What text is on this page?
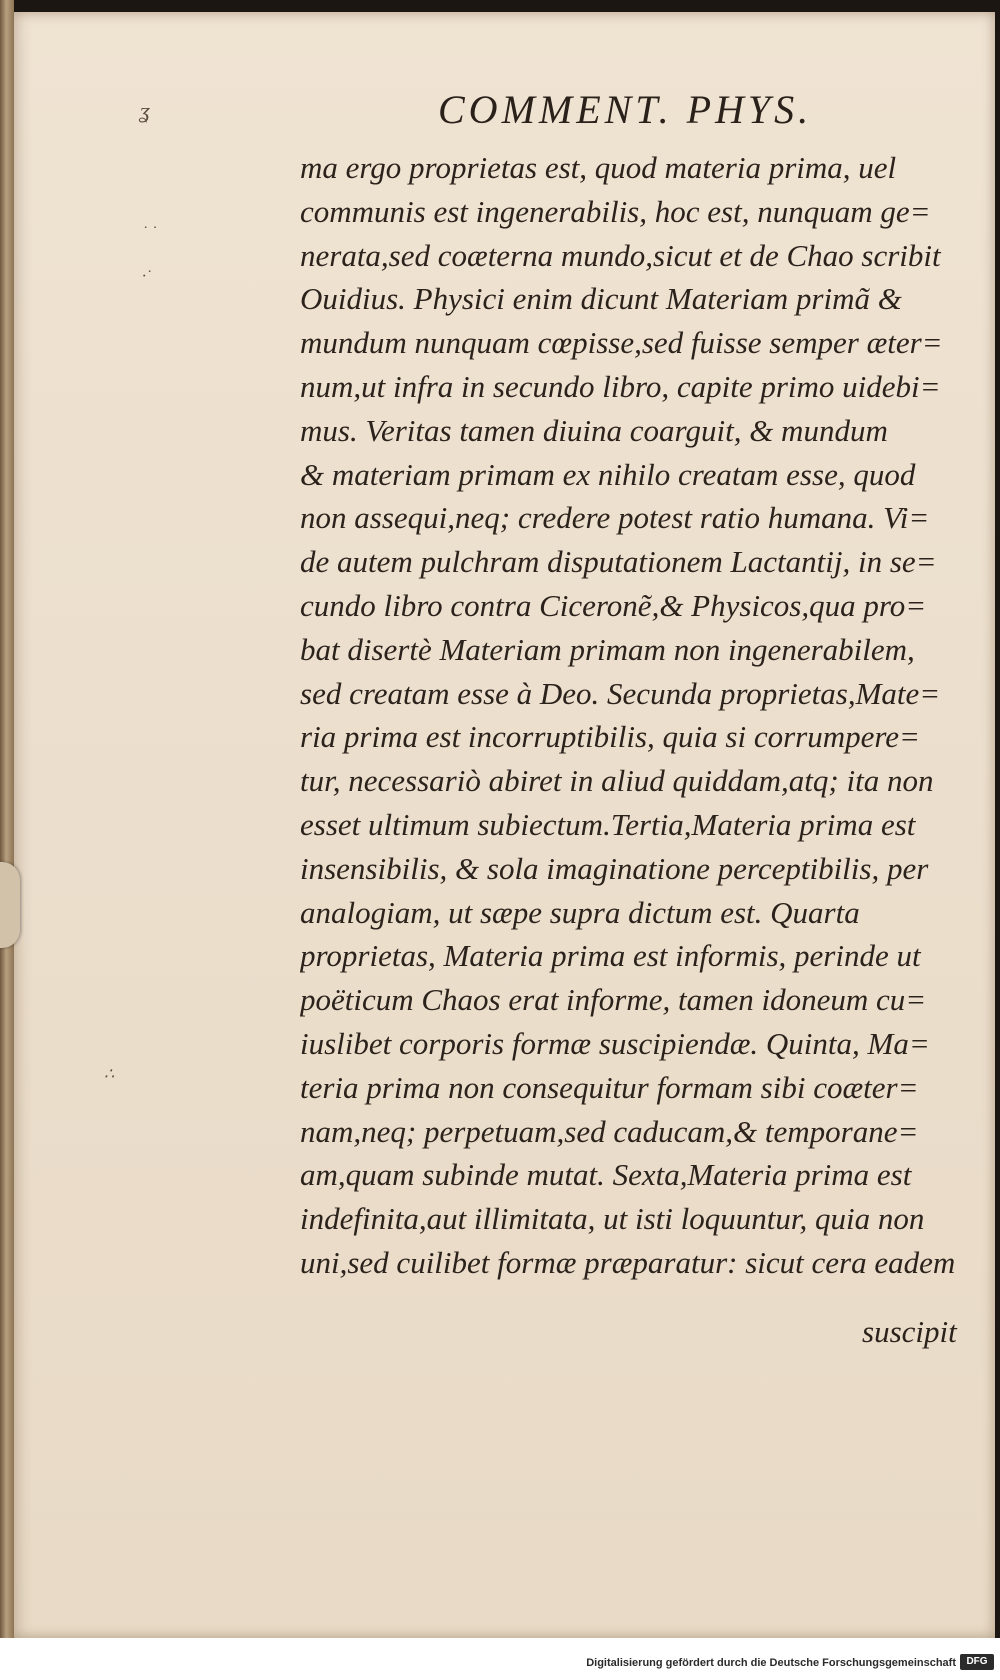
ʓ
˙ ˙
·˙
∴
COMMENT. PHYS.
ma ergo proprietas est, quod materia prima, uel
communis est ingenerabilis, hoc est, nunquam ge=
nerata,sed coæterna mundo,sicut et de Chao scribit
Ouidius. Physici enim dicunt Materiam primã &
mundum nunquam cœpisse,sed fuisse semper æter=
num,ut infra in secundo libro, capite primo uidebi=
mus. Veritas tamen diuina coarguit, & mundum
& materiam primam ex nihilo creatam esse, quod
non assequi,neq; credere potest ratio humana. Vi=
de autem pulchram disputationem Lactantij, in se=
cundo libro contra Ciceronẽ,& Physicos,qua pro=
bat disertè Materiam primam non ingenerabilem,
sed creatam esse à Deo. Secunda proprietas,Mate=
ria prima est incorruptibilis, quia si corrumpere=
tur, necessariò abiret in aliud quiddam,atq; ita non
esset ultimum subiectum.Tertia,Materia prima est
insensibilis, & sola imaginatione perceptibilis, per
analogiam, ut sæpe supra dictum est. Quarta
proprietas, Materia prima est informis, perinde ut
poëticum Chaos erat informe, tamen idoneum cu=
iuslibet corporis formæ suscipiendæ. Quinta, Ma=
teria prima non consequitur formam sibi coæter=
nam,neq; perpetuam,sed caducam,& temporane=
am,quam subinde mutat. Sexta,Materia prima est
indefinita,aut illimitata, ut isti loquuntur, quia non
uni,sed cuilibet formæ præparatur: sicut cera eadem
suscipit
Digitalisierung gefördert durch die Deutsche Forschungsgemeinschaft	DFG
